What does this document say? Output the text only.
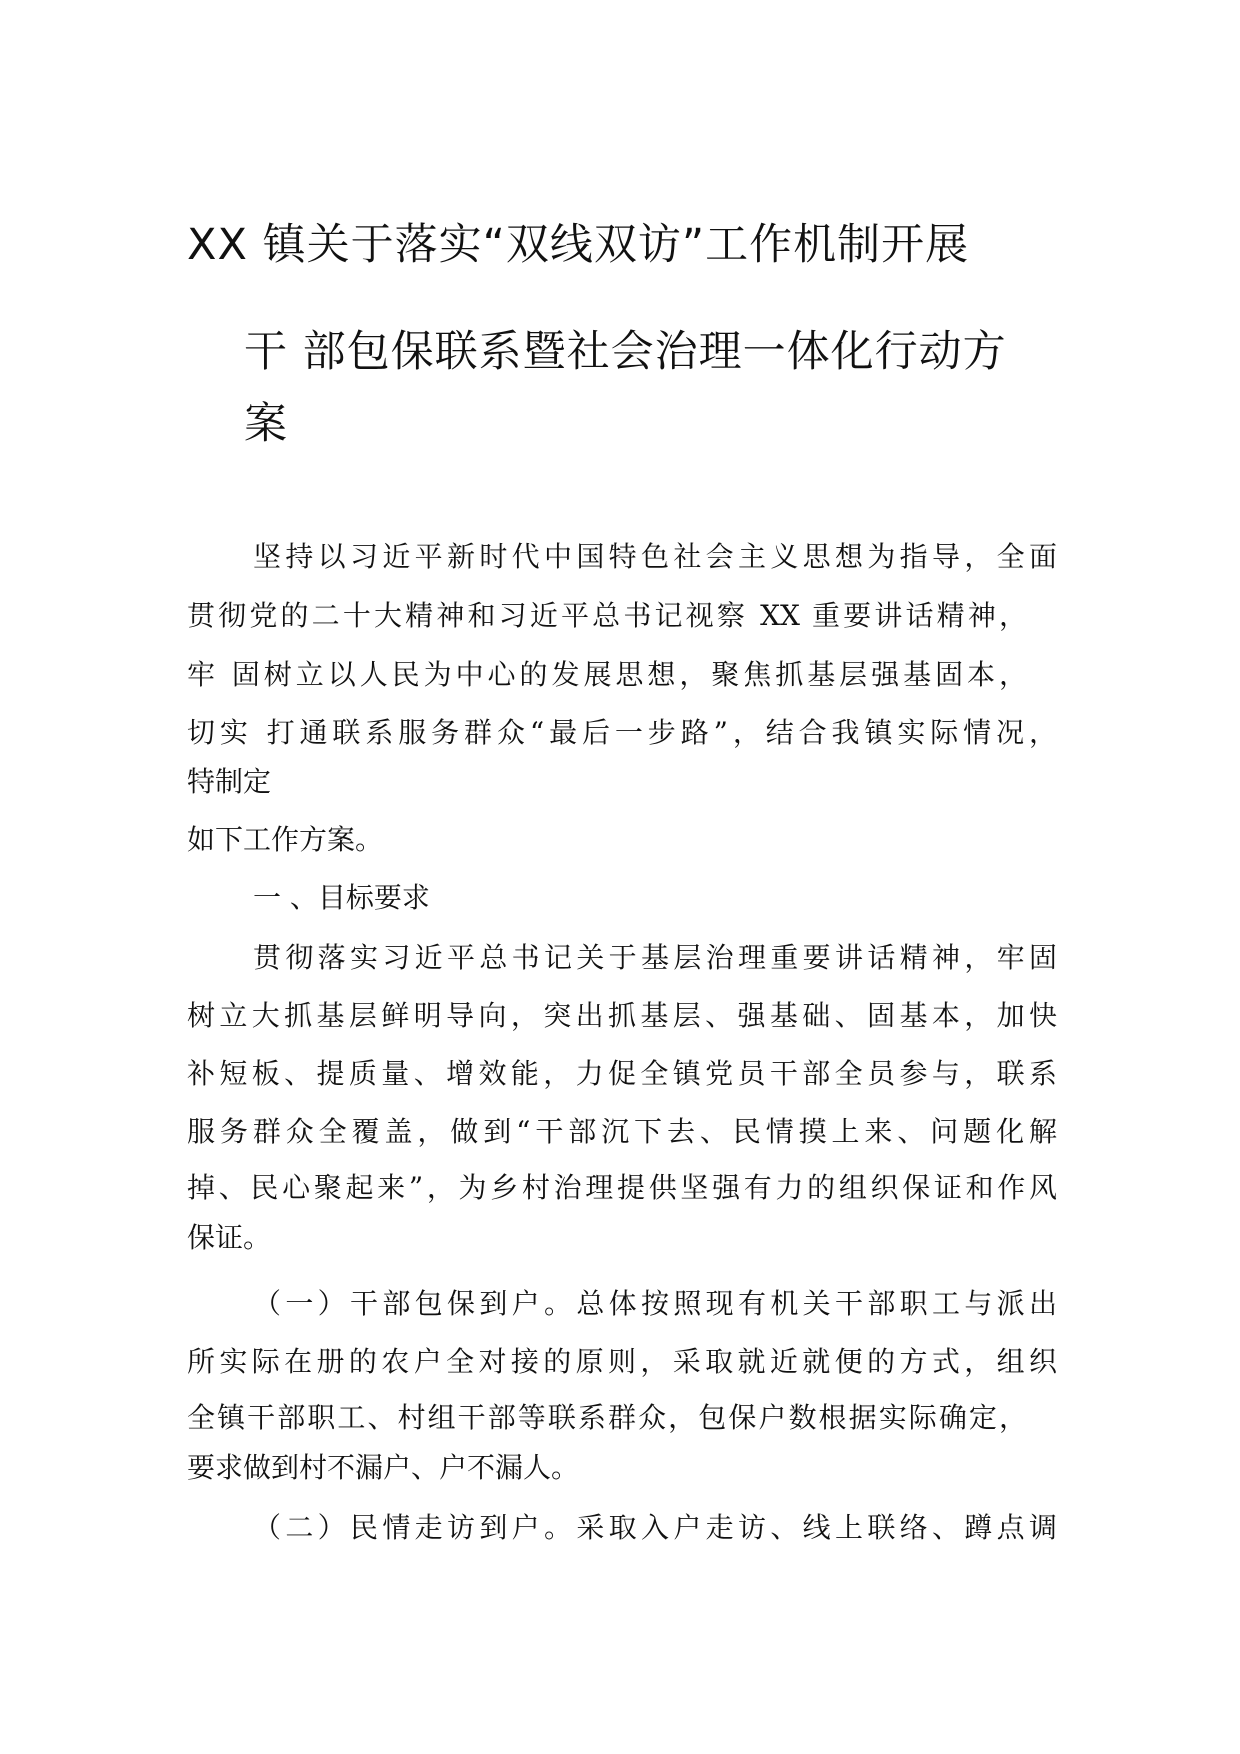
XX 镇关于落实“双线双访”工作机制开展
干 部包保联系暨社会治理一体化行动方
案
坚持以习近平新时代中国特色社会主义思想为指导，全面
贯彻党的二十大精神和习近平总书记视察 XX 重要讲话精神，
牢 固树立以人民为中心的发展思想，聚焦抓基层强基固本，
切实 打通联系服务群众“最后一步路”，结合我镇实际情况，
特制定
如下工作方案。
一 、目标要求
贯彻落实习近平总书记关于基层治理重要讲话精神，牢固
树立大抓基层鲜明导向，突出抓基层、强基础、固基本，加快
补短板、提质量、增效能，力促全镇党员干部全员参与，联系
服务群众全覆盖，做到“干部沉下去、民情摸上来、问题化解
掉、民心聚起来”，为乡村治理提供坚强有力的组织保证和作风
保证。
（一）干部包保到户。总体按照现有机关干部职工与派出
所实际在册的农户全对接的原则，采取就近就便的方式，组织
全镇干部职工、村组干部等联系群众，包保户数根据实际确定，
要求做到村不漏户、户不漏人。
（二）民情走访到户。采取入户走访、线上联络、蹲点调
